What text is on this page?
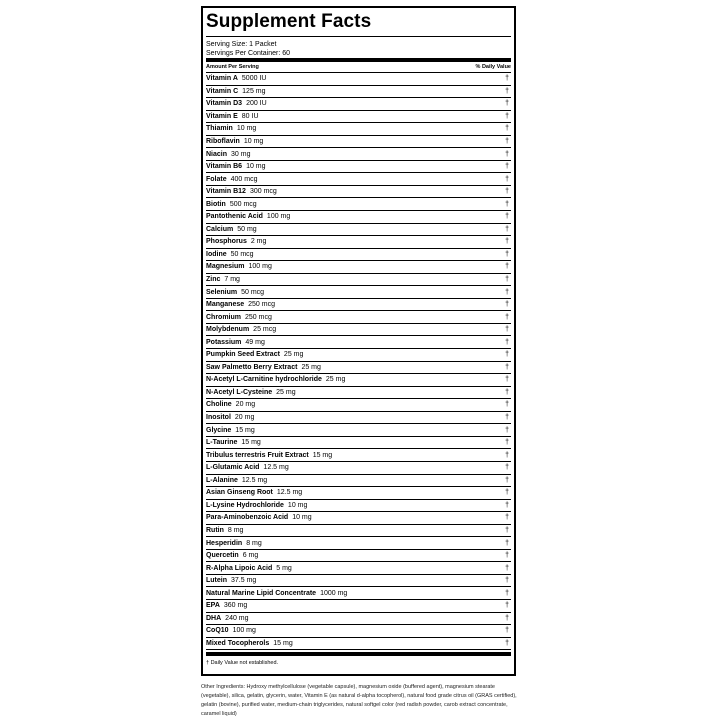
Supplement Facts
Serving Size: 1 Packet
Servings Per Container: 60
Amount Per Serving	% Daily Value
Vitamin A 5000 IU	†
Vitamin C 125 mg	†
Vitamin D3 200 IU	†
Vitamin E 80 IU	†
Thiamin 10 mg	†
Riboflavin 10 mg	†
Niacin 30 mg	†
Vitamin B6 10 mg	†
Folate 400 mcg	†
Vitamin B12 300 mcg	†
Biotin 500 mcg	†
Pantothenic Acid 100 mg	†
Calcium 50 mg	†
Phosphorus 2 mg	†
Iodine 50 mcg	†
Magnesium 100 mg	†
Zinc 7 mg	†
Selenium 50 mcg	†
Manganese 250 mcg	†
Chromium 250 mcg	†
Molybdenum 25 mcg	†
Potassium 49 mg	†
Pumpkin Seed Extract 25 mg	†
Saw Palmetto Berry Extract 25 mg	†
N-Acetyl L-Carnitine hydrochloride 25 mg	†
N-Acetyl L-Cysteine 25 mg	†
Choline 20 mg	†
Inositol 20 mg	†
Glycine 15 mg	†
L-Taurine 15 mg	†
Tribulus terrestris Fruit Extract 15 mg	†
L-Glutamic Acid 12.5 mg	†
L-Alanine 12.5 mg	†
Asian Ginseng Root 12.5 mg	†
L-Lysine Hydrochloride 10 mg	†
Para-Aminobenzoic Acid 10 mg	†
Rutin 8 mg	†
Hesperidin 8 mg	†
Quercetin 6 mg	†
R-Alpha Lipoic Acid 5 mg	†
Lutein 37.5 mg	†
Natural Marine Lipid Concentrate 1000 mg	†
EPA 360 mg	†
DHA 240 mg	†
CoQ10 100 mg	†
Mixed Tocopherols 15 mg	†
† Daily Value not established.
Other Ingredients: Hydroxy methylcellulose (vegetable capsule), magnesium oxide (buffered agent), magnesium stearate (vegetable), silica, gelatin, glycerin, water, Vitamin E (as natural d-alpha tocopherol), natural food grade citrus oil (GRAS certified), gelatin (bovine), purified water, medium-chain triglycerides, natural softgel color (red radish powder, carob extract concentrate, caramel liquid)
